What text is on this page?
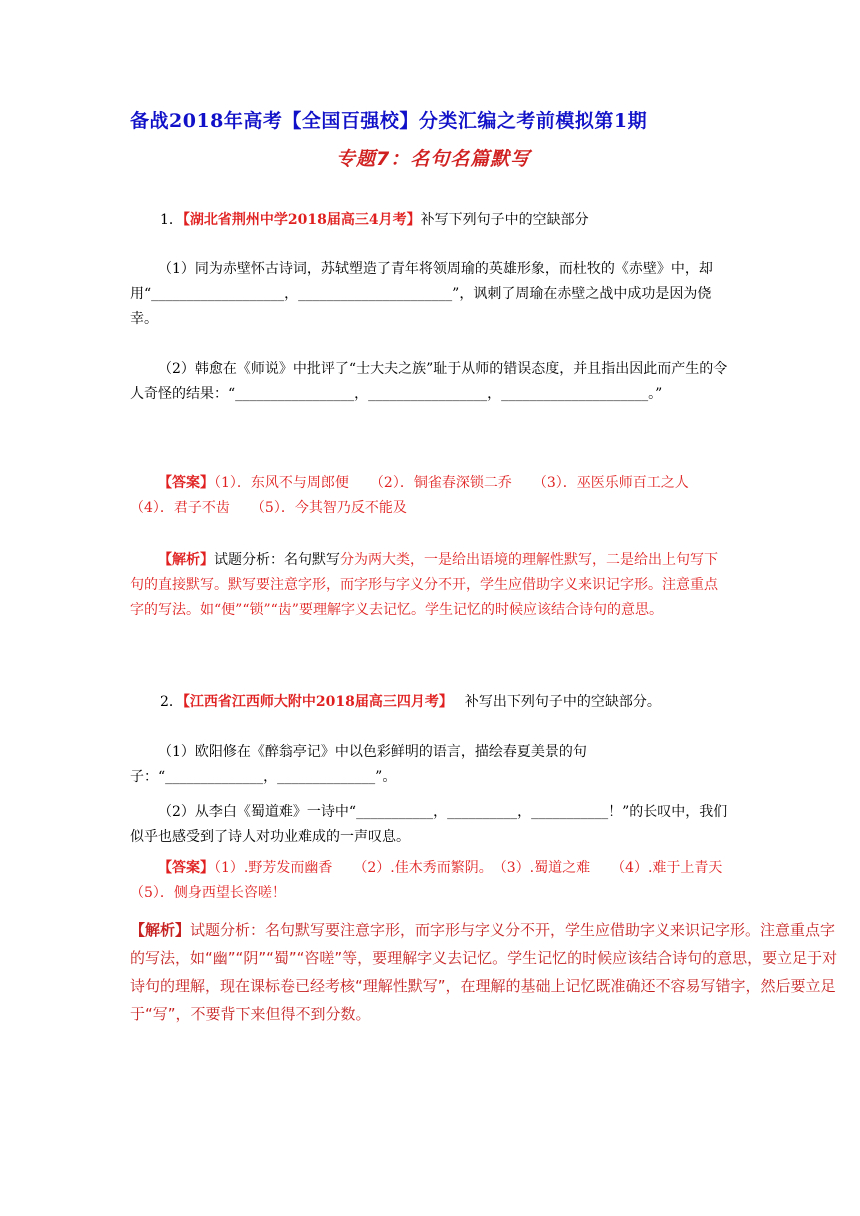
备战2018年高考【全国百强校】分类汇编之考前模拟第1期
专题7：名句名篇默写
1．【湖北省荆州中学2018届高三4月考】补写下列句子中的空缺部分
（1）同为赤壁怀古诗词，苏轼塑造了青年将领周瑜的英雄形象，而杜牧的《赤壁》中，却用“___________________，______________________”，讽刺了周瑜在赤壁之战中成功是因为侥幸。
（2）韩愈在《师说》中批评了“士大夫之族”耻于从师的错误态度，并且指出因此而产生的令人奇怪的结果：“_________________，_________________，_____________________。”
【答案】（1）．东风不与周郎便　　（2）．铜雀春深锁二乔　　（3）．巫医乐师百工之人　　（4）．君子不齿　　（5）．今其智乃反不能及
【解析】试题分析：名句默写分为两大类，一是给出语境的理解性默写，二是给出上句写下句的直接默写。默写要注意字形，而字形与字义分不开，学生应借助字义来识记字形。注意重点字的写法。如“便”“锁”“齿”要理解字义去记忆。学生记忆的时候应该结合诗句的意思。
2．【江西省江西师大附中2018届高三四月考】 补写出下列句子中的空缺部分。
（1）欧阳修在《醉翁亭记》中以色彩鲜明的语言，描绘春夏美景的句子：“______________，______________”。
（2）从李白《蜀道难》一诗中“___________，__________，___________！”的长叹中，我们似乎也感受到了诗人对功业难成的一声叹息。
【答案】（1）.野芳发而幽香　　（2）.佳木秀而繁阴。　（3）.蜀道之难　　（4）.难于上青天　　（5）．侧身西望长咨嗟！
【解析】试题分析：名句默写要注意字形，而字形与字义分不开，学生应借助字义来识记字形。注意重点字的写法，如“幽”“阴”“蜀”“咨嗟”等，要理解字义去记忆。学生记忆的时候应该结合诗句的意思，要立足于对诗句的理解，现在课标卷已经考核“理解性默写”，在理解的基础上记忆既准确还不容易写错字，然后要立足于“写”，不要背下来但得不到分数。
